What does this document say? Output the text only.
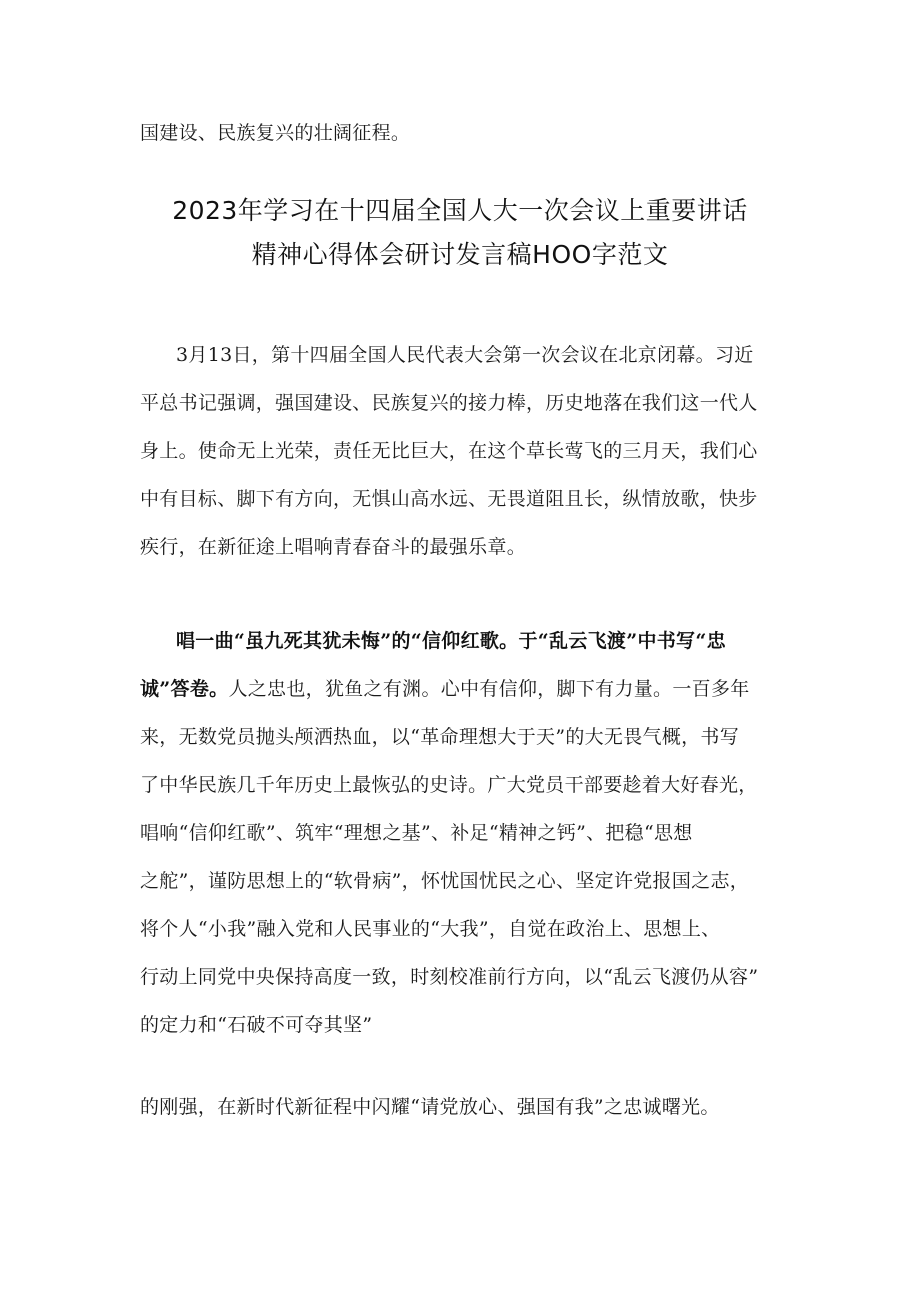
国建设、民族复兴的壮阔征程。
2023年学习在十四届全国人大一次会议上重要讲话
精神心得体会研讨发言稿HOO字范文
3月13日，第十四届全国人民代表大会第一次会议在北京闭幕。习近
平总书记强调，强国建设、民族复兴的接力棒，历史地落在我们这一代人
身上。使命无上光荣，责任无比巨大，在这个草长莺飞的三月天，我们心
中有目标、脚下有方向，无惧山高水远、无畏道阻且长，纵情放歌，快步
疾行，在新征途上唱响青春奋斗的最强乐章。
唱一曲“虽九死其犹未悔”的“信仰红歌。于“乱云飞渡”中书写“忠
诚”答卷。人之忠也，犹鱼之有渊。心中有信仰，脚下有力量。一百多年
来，无数党员抛头颅洒热血，以“革命理想大于天”的大无畏气概，书写
了中华民族几千年历史上最恢弘的史诗。广大党员干部要趁着大好春光，
唱响“信仰红歌”、筑牢“理想之基”、补足“精神之钙”、把稳“思想
之舵”，谨防思想上的“软骨病”，怀忧国忧民之心、坚定许党报国之志，
将个人“小我”融入党和人民事业的“大我”，自觉在政治上、思想上、
行动上同党中央保持高度一致，时刻校准前行方向，以“乱云飞渡仍从容”
的定力和“石破不可夺其坚”
的刚强，在新时代新征程中闪耀“请党放心、强国有我”之忠诚曙光。
